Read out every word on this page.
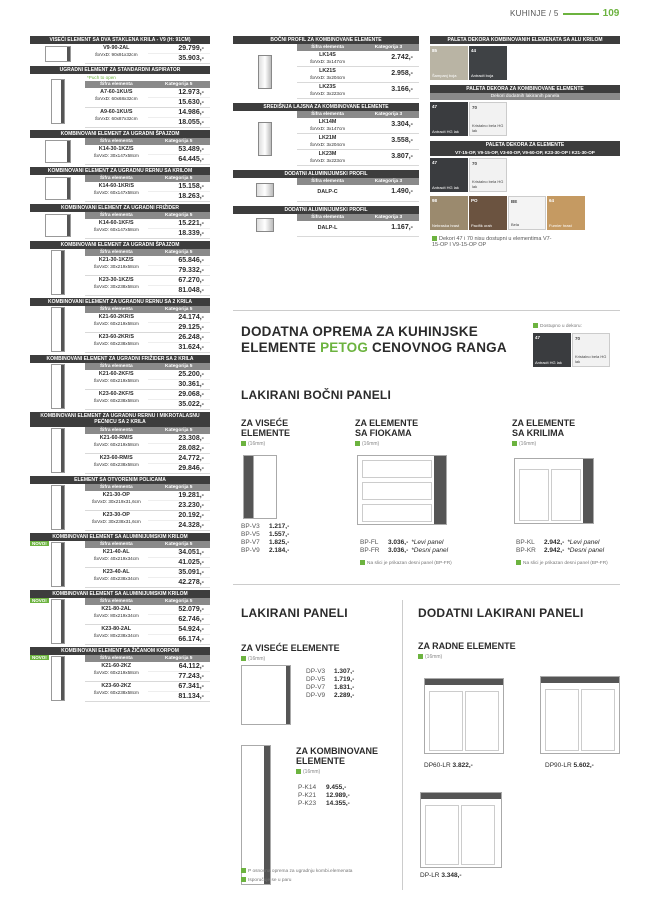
KUHINJE / 5	109
VISEĆI ELEMENT SA DVA STAKLENA KRILA - V9 (H: 91CM)
V9-90-2AL
ŠxVxD: 90x91x32cm
29.799,-
35.903,-
UGRADNI ELEMENT ZA STANDARDNI ASPIRATOR
*Puch to open
Šifra elementa	Kategorija 5
A7-60-1KU/S
ŠxVxD: 60x68x32cm
12.973,-
15.630,-
A9-60-1KU/S
ŠxVxD: 60x87x32cm
14.986,-
18.055,-
KOMBINOVANI ELEMENT ZA UGRADNI ŠPAJZOM
Šifra elementa	Kategorija 5
K14-30-1KZ/S
ŠxVxD: 30x147x58cm
53.489,-
64.445,-
KOMBINOVANI ELEMENT ZA UGRADNU RERNU SA KRILOM
Šifra elementa	Kategorija 5
K14-60-1KR/S
ŠxVxD: 60x147x58cm
15.158,-
18.263,-
KOMBINOVANI ELEMENT ZA UGRADNI FRIŽIDER
Šifra elementa	Kategorija 5
K14-60-1KF/S
ŠxVxD: 60x147x58cm
15.221,-
18.339,-
KOMBINOVANI ELEMENT ZA UGRADNI ŠPAJZOM
Šifra elementa	Kategorija 5
K21-30-1KZ/S
ŠxVxD: 30x219x58cm
65.846,-
79.332,-
K23-30-1KZ/S
ŠxVxD: 30x238x58cm
67.270,-
81.048,-
KOMBINOVANI ELEMENT ZA UGRADNU RERNU SA 2 KRILA
Šifra elementa	Kategorija 5
K21-60-2KR/S
ŠxVxD: 60x219x58cm
24.174,-
29.125,-
K23-60-2KR/S
ŠxVxD: 60x238x58cm
26.248,-
31.624,-
KOMBINOVANI ELEMENT ZA UGRADNI FRIŽIDER SA 2 KRILA
Šifra elementa	Kategorija 5
K21-60-2KF/S
ŠxVxD: 60x219x58cm
25.200,-
30.361,-
K23-60-2KF/S
ŠxVxD: 60x238x58cm
29.068,-
35.022,-
KOMBINOVANI ELEMENT ZA UGRADNU RERNU I MIKROTALASNU PEĆNICU SA 2 KRILA
Šifra elementa	Kategorija 5
K21-60-RM/S
ŠxVxD: 60x219x58cm
23.308,-
28.082,-
K23-60-RM/S
ŠxVxD: 60x238x58cm
24.772,-
29.846,-
ELEMENT SA OTVORENIM POLICAMA
Šifra elementa	Kategorija 5
K21-30-OP
ŠxVxD: 30x219x31,6cm
19.281,-
23.230,-
K23-30-OP
ŠxVxD: 30x238x31,6cm
20.192,-
24.328,-
KOMBINOVANI ELEMENT SA ALUMINIJUMSKIM KRILOM
NOVO!	Šifra elementa	Kategorija 5
K21-40-AL
ŠxVxD: 40x219x34cm
34.051,-
41.025,-
K23-40-AL
ŠxVxD: 40x238x34cm
35.091,-
42.278,-
KOMBINOVANI ELEMENT SA ALUMINIJUMSKIM KRILOM
NOVO!	Šifra elementa	Kategorija 5
K21-80-2AL
ŠxVxD: 80x219x34cm
52.079,-
62.746,-
K23-80-2AL
ŠxVxD: 80x238x34cm
54.924,-
66.174,-
KOMBINOVANI ELEMENT SA ŽIČANOM KORPOM
NOVO!	Šifra elementa	Kategorija 5
K21-60-2KZ
ŠxVxD: 60x219x58cm
64.112,-
77.243,-
K23-60-2KZ
ŠxVxD: 60x238x58cm
67.341,-
81.134,-
BOČNI PROFIL ZA KOMBINOVANE ELEMENTE
Šifra elementa	Kategorija 3
LK14S
ŠxVxD: 3x147cm	2.742,-
LK21S
ŠxVxD: 3x204cm	2.958,-
LK23S
ŠxVxD: 3x223cm	3.166,-
SREDIŠNJA LAJSNA ZA KOMBINOVANE ELEMENTE
Šifra elementa	Kategorija 3
LK14M
ŠxVxD: 3x147cm	3.304,-
LK21M
ŠxVxD: 3x204cm	3.558,-
LK23M
ŠxVxD: 3x223cm	3.807,-
DODATNI ALUMINIJUMSKI PROFIL
Šifra elementa	Kategorija 3
DALP-C	1.490,-
DODATNI ALUMINIJUMSKI PROFIL
Šifra elementa	Kategorija 3
DALP-L	1.167,-
PALETA DEKORA KOMBINOVANIH ELEMENATA SA ALU KRILOM
85
Šampanj bojа
44
Antracit boja
PALETA DEKORA ZA KOMBINOVANE ELEMENTE
Dekori dodatnih lakiranih panela
47
Antracit HG lak
70
Kristalno bela HG lak
PALETA DEKORA ZA ELEMENTE
V7-15-OP, V9-15-OP, V3-60-OP, V9-60-OP, K23-30-OP I K21-30-OP
47
Antracit HG lak
70
Kristalno bela HG lak
98
Nebraska hrast
PO
Pacifik orah
BE
Bela
64
Furnier hrast
Dekori 47 i 70 nisu dostupni u elementima V7-15-OP I V9-15-OP OP
DODATNA OPREMA ZA KUHINJSKE
ELEMENTE PETOG CENOVNOG RANGA
Dostupno u dekoru:
47
Antracit HG lak
70
Kristalno bela HG lak
LAKIRANI BOČNI PANELI
ZA VISEĆE
ELEMENTE
(16mm)
BP-V3	1.217,-
BP-V5	1.557,-
BP-V7	1.825,-
BP-V9	2.184,-
ZA ELEMENTE
SA FIOKAMA
(16mm)
BP-FL	3.036,- *Levi panel
BP-FR	3.036,- *Desni panel
Na slici je prikazan desni panel (BP-FR)
ZA ELEMENTE
SA KRILIMA
(16mm)
BP-KL	2.942,- *Levi panel
BP-KR	2.942,- *Desni panel
Na slici je prikazan desni panel (BP-FR)
LAKIRANI PANELI	DODATNI LAKIRANI PANELI
ZA VISEĆE ELEMENTE
(16mm)
DP-V3	1.307,-
DP-V5	1.719,-
DP-V7	1.831,-
DP-V9	2.289,-
ZA KOMBINOVANE
ELEMENTE
(16mm)
P-K14	9.455,-
P-K21	12.989,-
P-K23	14.355,-
ZA RADNE ELEMENTE
(16mm)
DP60-LR 3.822,-	DP90-LR 5.602,-
DP-LR 3.348,-
P osnovna oprema za ugradnju kombi.elemenata
Isporučuje se u paru
